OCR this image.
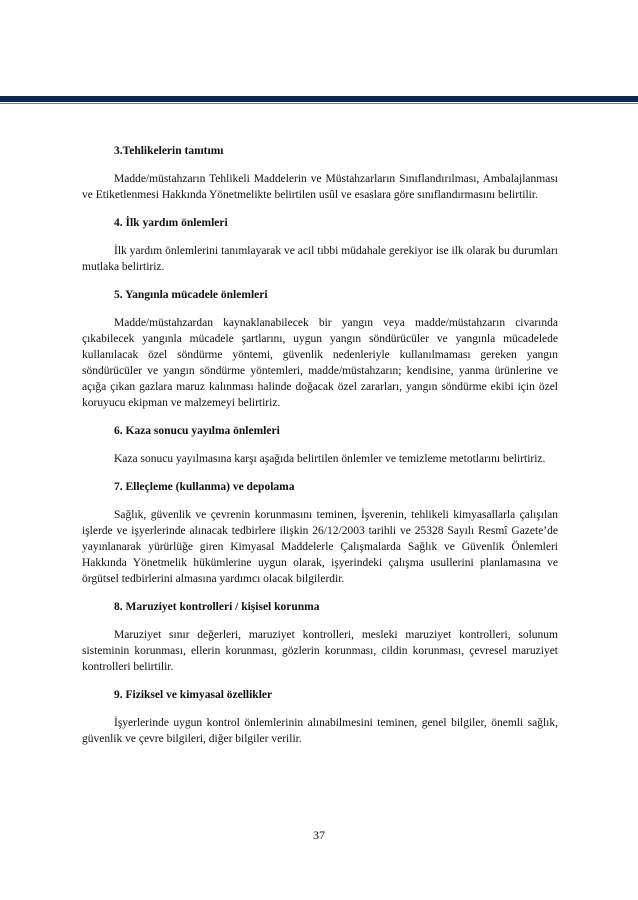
3.Tehlikelerin tanıtımı

Madde/müstahzarın Tehlikeli Maddelerin ve Müstahzarların Sınıflandırılması, Ambalajlanması ve Etiketlenmesi Hakkında Yönetmelikte belirtilen usûl ve esaslara göre sınıflandırmasını belirtilir.

4. İlk yardım önlemleri

İlk yardım önlemlerini tanımlayarak ve acil tıbbi müdahale gerekiyor ise ilk olarak bu durumları mutlaka belirtiriz.

5. Yangınla mücadele önlemleri

Madde/müstahzardan kaynaklanabilecek bir yangın veya madde/müstahzarın civarında çıkabilecek yangınla mücadele şartlarını, uygun yangın söndürücüler ve yangınla mücadelede kullanılacak özel söndürme yöntemi, güvenlik nedenleriyle kullanılmaması gereken yangın söndürücüler ve yangın söndürme yöntemleri, madde/müstahzarın; kendisine, yanma ürünlerine ve açığa çıkan gazlara maruz kalınması halinde doğacak özel zararları, yangın söndürme ekibi için özel koruyucu ekipman ve malzemeyi belirtiriz.

6. Kaza sonucu yayılma önlemleri

Kaza sonucu yayılmasına karşı aşağıda belirtilen önlemler ve temizleme metotlarını belirtiriz.

7. Elleçleme (kullanma) ve depolama

Sağlık, güvenlik ve çevrenin korunmasını teminen, İşverenin, tehlikeli kimyasallarla çalışılan işlerde ve işyerlerinde alınacak tedbirlere ilişkin 26/12/2003 tarihli ve 25328 Sayılı Resmî Gazete’de yayınlanarak yürürlüğe giren Kimyasal Maddelerle Çalışmalarda Sağlık ve Güvenlik Önlemleri Hakkında Yönetmelik hükümlerine uygun olarak, işyerindeki çalışma usullerini planlamasına ve örgütsel tedbirlerini almasına yardımcı olacak bilgilerdir.

8. Maruziyet kontrolleri / kişisel korunma

Maruziyet sınır değerleri, maruziyet kontrolleri, mesleki maruziyet kontrolleri, solunum sisteminin korunması, ellerin korunması, gözlerin korunması, cildin korunması, çevresel maruziyet kontrolleri belirtilir.

9. Fiziksel ve kimyasal özellikler

İşyerlerinde uygun kontrol önlemlerinin alınabilmesini teminen, genel bilgiler, önemli sağlık, güvenlik ve çevre bilgileri, diğer bilgiler verilir.

37
